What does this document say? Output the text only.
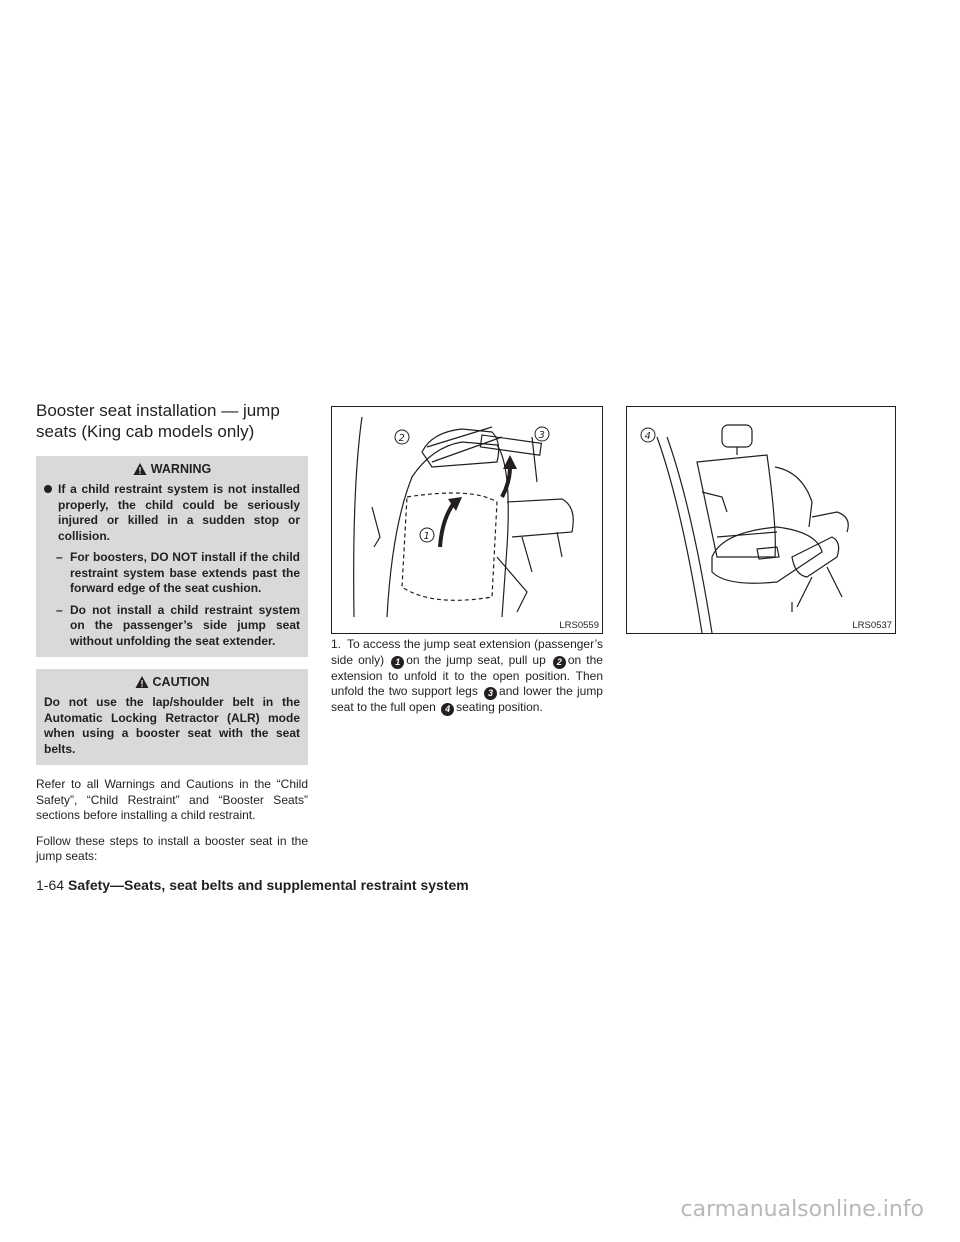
Booster seat installation — jump seats (King cab models only)
WARNING
If a child restraint system is not installed properly, the child could be seriously injured or killed in a sudden stop or collision.
– For boosters, DO NOT install if the child restraint system base extends past the forward edge of the seat cushion.
– Do not install a child restraint system on the passenger’s side jump seat without unfolding the seat extender.
CAUTION

Do not use the lap/shoulder belt in the Automatic Locking Retractor (ALR) mode when using a booster seat with the seat belts.

Refer to all Warnings and Cautions in the “Child Safety”, “Child Restraint” and “Booster Seats” sections before installing a child restraint.

Follow these steps to install a booster seat in the jump seats:

2	3
1
LRS0559
4
LRS0537
1. To access the jump seat extension (passenger’s side only) 1 on the jump seat, pull up 2 on the extension to unfold it to the open position. Then unfold the two support legs 3 and lower the jump seat to the full open 4 seating position.
1-64 Safety—Seats, seat belts and supplemental restraint system
carmanualsonline.info
